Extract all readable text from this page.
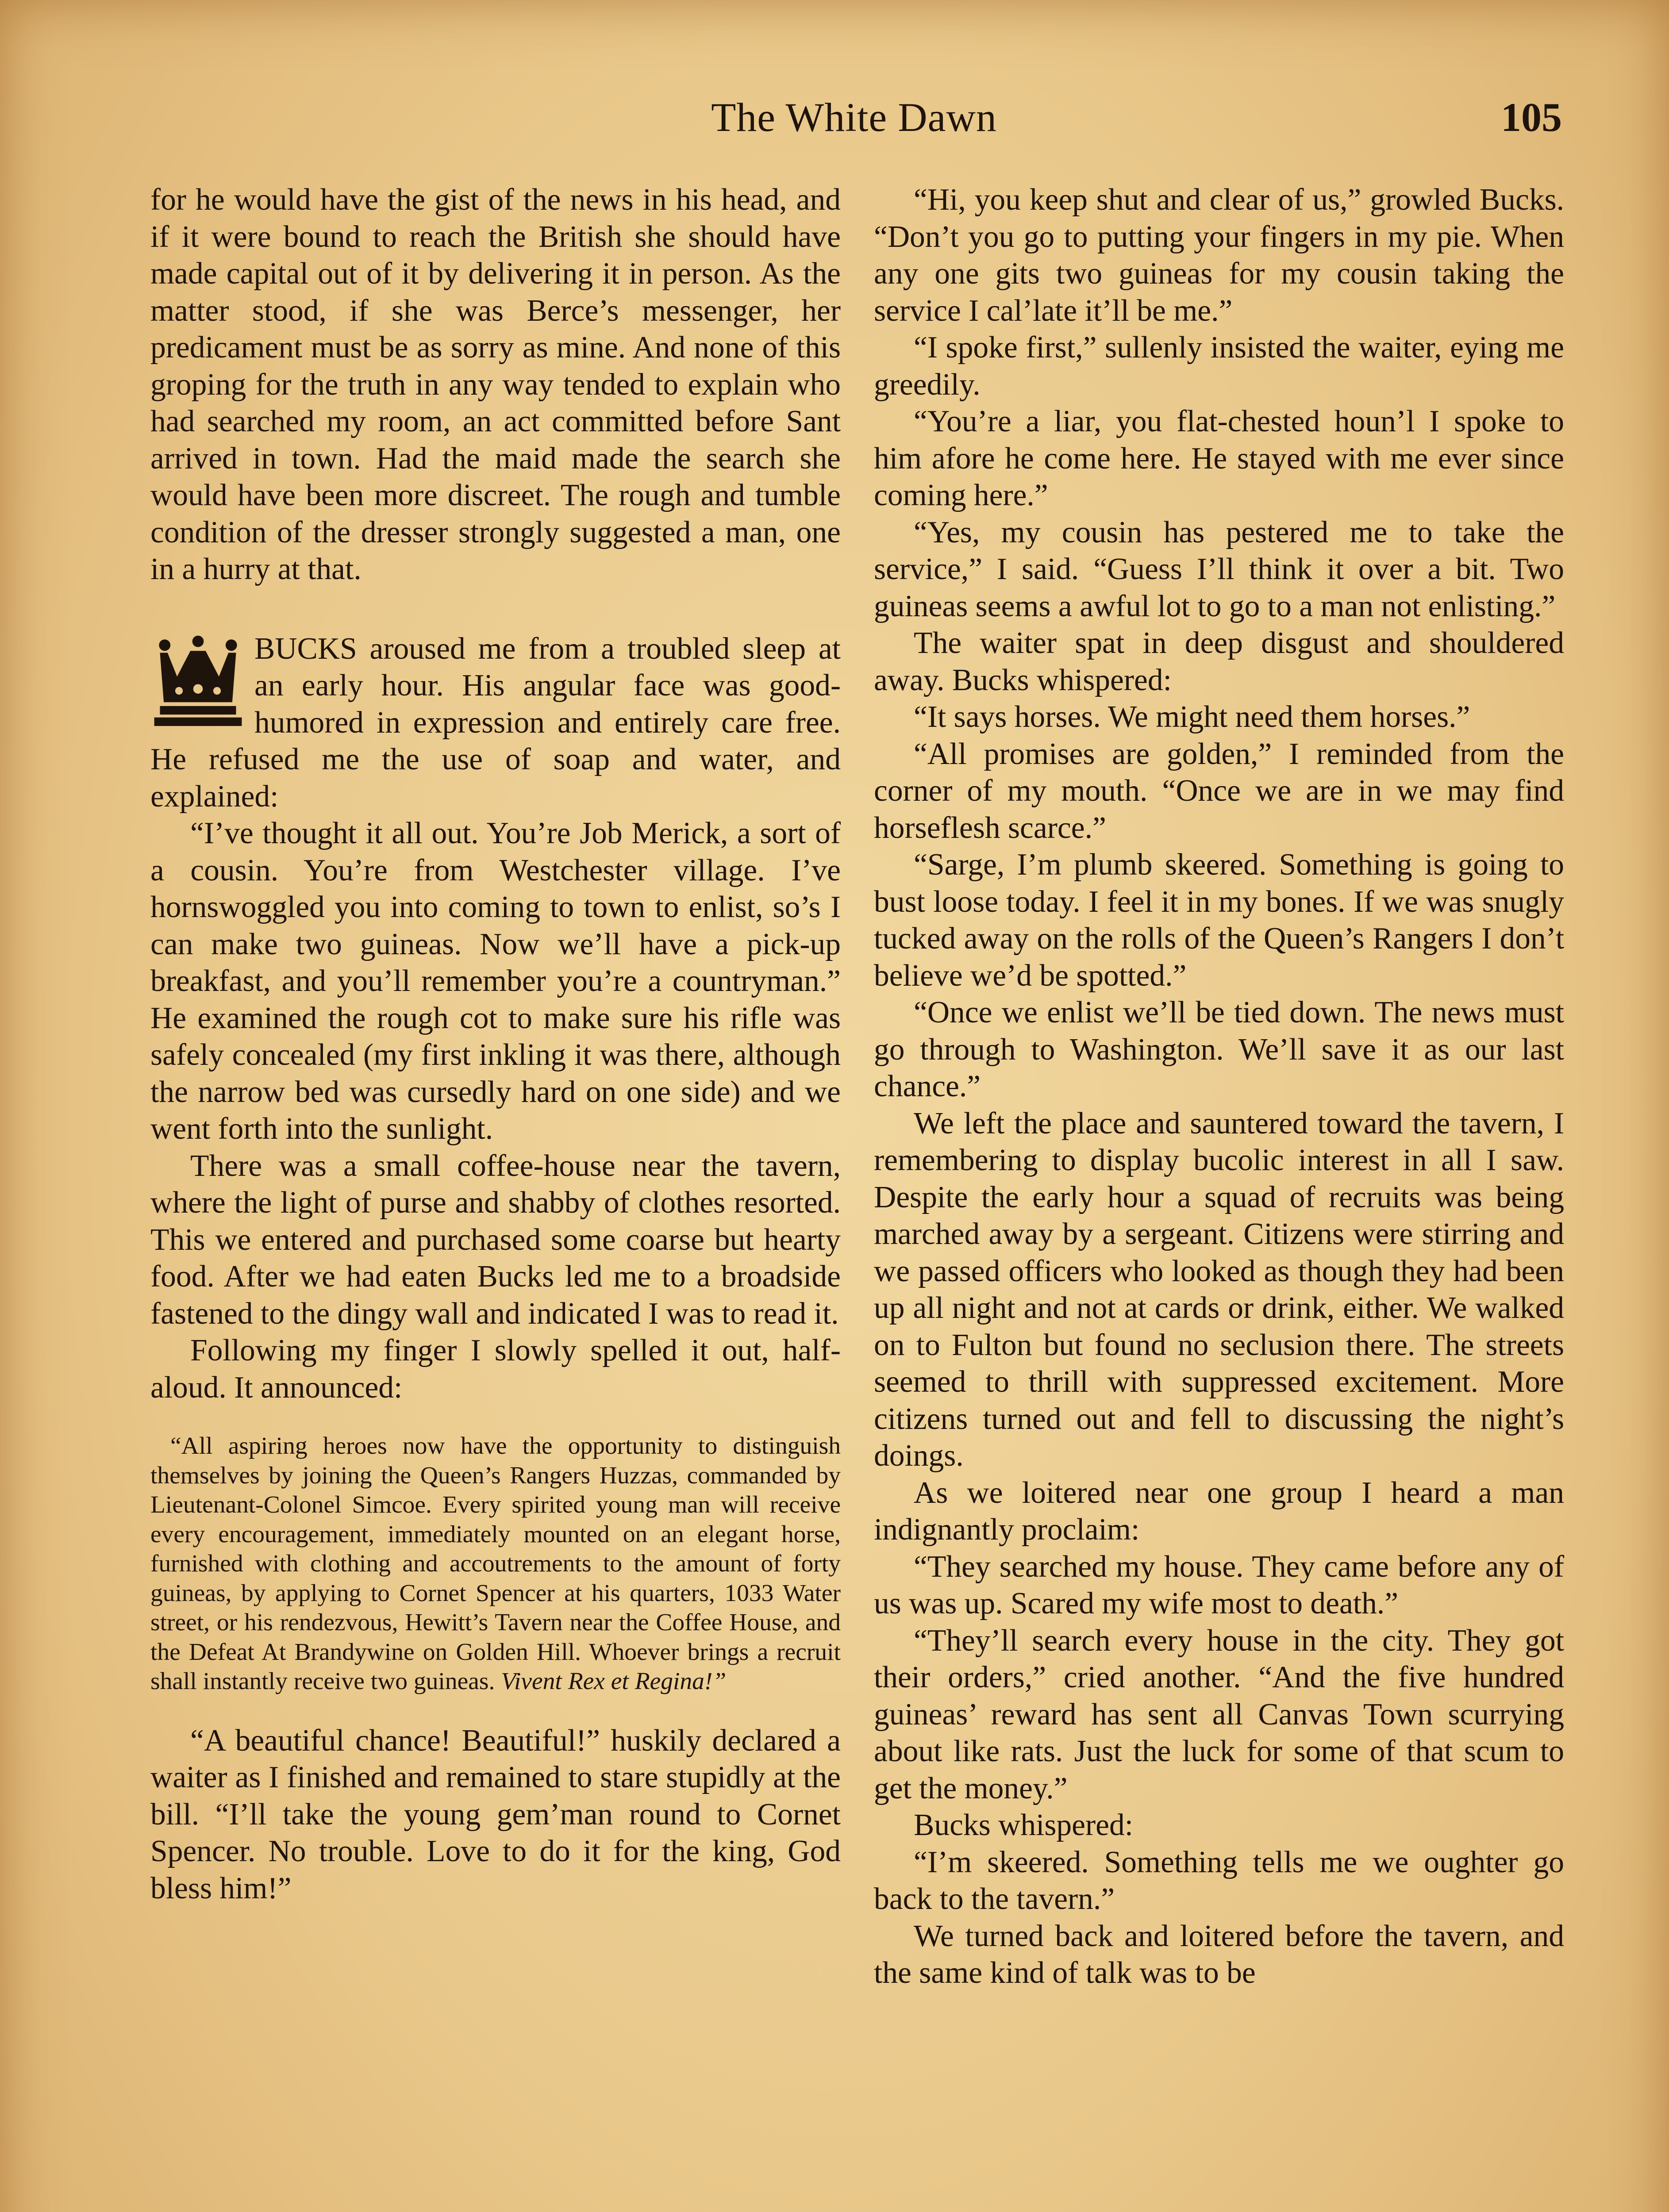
The White Dawn	105

for he would have the gist of the news in his head, and if it were bound to reach the British she should have made capital out of it by delivering it in person. As the matter stood, if she was Berce’s messenger, her predicament must be as sorry as mine. And none of this groping for the truth in any way tended to explain who had searched my room, an act committed before Sant arrived in town. Had the maid made the search she would have been more discreet. The rough and tumble condition of the dresser strongly suggested a man, one in a hurry at that.

BUCKS aroused me from a troubled sleep at an early hour. His angular face was good-humored in expression and entirely care free. He refused me the use of soap and water, and explained:

“I’ve thought it all out. You’re Job Merick, a sort of a cousin. You’re from Westchester village. I’ve hornswoggled you into coming to town to enlist, so’s I can make two guineas. Now we’ll have a pick-up breakfast, and you’ll remember you’re a countryman.” He examined the rough cot to make sure his rifle was safely concealed (my first inkling it was there, although the narrow bed was cursedly hard on one side) and we went forth into the sunlight.

There was a small coffee-house near the tavern, where the light of purse and shabby of clothes resorted. This we entered and purchased some coarse but hearty food. After we had eaten Bucks led me to a broadside fastened to the dingy wall and indicated I was to read it.

Following my finger I slowly spelled it out, half-aloud. It announced:

“All aspiring heroes now have the opportunity to distinguish themselves by joining the Queen’s Rangers Huzzas, commanded by Lieutenant-Colonel Simcoe. Every spirited young man will receive every encouragement, immediately mounted on an elegant horse, furnished with clothing and accoutrements to the amount of forty guineas, by applying to Cornet Spencer at his quarters, 1033 Water street, or his rendezvous, Hewitt’s Tavern near the Coffee House, and the Defeat At Brandywine on Golden Hill. Whoever brings a recruit shall instantly receive two guineas. Vivent Rex et Regina!”

“A beautiful chance! Beautiful!” huskily declared a waiter as I finished and remained to stare stupidly at the bill. “I’ll take the young gem’man round to Cornet Spencer. No trouble. Love to do it for the king, God bless him!”

“Hi, you keep shut and clear of us,” growled Bucks. “Don’t you go to putting your fingers in my pie. When any one gits two guineas for my cousin taking the service I cal’late it’ll be me.”

“I spoke first,” sullenly insisted the waiter, eying me greedily.

“You’re a liar, you flat-chested houn’l I spoke to him afore he come here. He stayed with me ever since coming here.”

“Yes, my cousin has pestered me to take the service,” I said. “Guess I’ll think it over a bit. Two guineas seems a awful lot to go to a man not enlisting.”

The waiter spat in deep disgust and shouldered away. Bucks whispered:

“It says horses. We might need them horses.”

“All promises are golden,” I reminded from the corner of my mouth. “Once we are in we may find horseflesh scarce.”

“Sarge, I’m plumb skeered. Something is going to bust loose today. I feel it in my bones. If we was snugly tucked away on the rolls of the Queen’s Rangers I don’t believe we’d be spotted.”

“Once we enlist we’ll be tied down. The news must go through to Washington. We’ll save it as our last chance.”

We left the place and sauntered toward the tavern, I remembering to display bucolic interest in all I saw. Despite the early hour a squad of recruits was being marched away by a sergeant. Citizens were stirring and we passed officers who looked as though they had been up all night and not at cards or drink, either. We walked on to Fulton but found no seclusion there. The streets seemed to thrill with suppressed excitement. More citizens turned out and fell to discussing the night’s doings.

As we loitered near one group I heard a man indignantly proclaim:

“They searched my house. They came before any of us was up. Scared my wife most to death.”

“They’ll search every house in the city. They got their orders,” cried another. “And the five hundred guineas’ reward has sent all Canvas Town scurrying about like rats. Just the luck for some of that scum to get the money.”

Bucks whispered:

“I’m skeered. Something tells me we oughter go back to the tavern.”

We turned back and loitered before the tavern, and the same kind of talk was to be
